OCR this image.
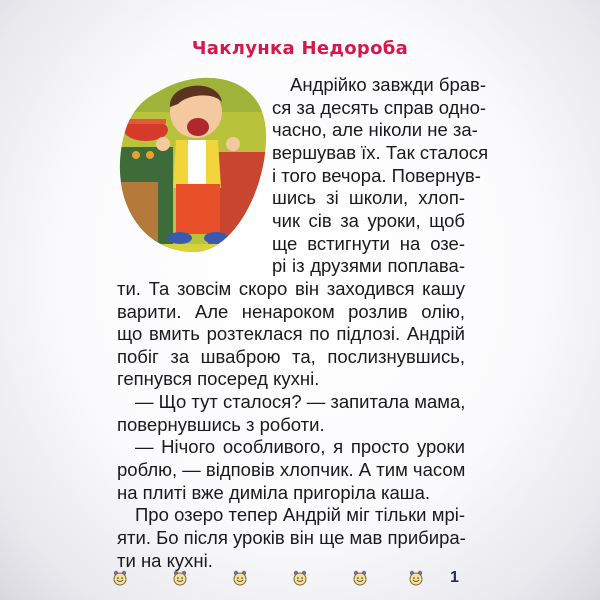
Чаклунка Недороба
Андрійко завжди брав-
ся за десять справ одно-
часно, але ніколи не за-
вершував їх. Так сталося
і того вечора. Повернув-
шись зі школи, хлоп-
чик сів за уроки, щоб
ще встигнути на озе-
рі із друзями поплава-
ти. Та зовсім скоро він заходився кашу
варити. Але ненароком розлив олію,
що вмить розтеклася по підлозі. Андрій
побіг за шваброю та, послизнувшись,
гепнувся посеред кухні.
— Що тут сталося? — запитала мама,
повернувшись з роботи.
— Нічого особливого, я просто уроки
роблю, — відповів хлопчик. А тим часом
на плиті вже диміла пригоріла каша.
Про озеро тепер Андрій міг тільки мрі-
яти. Бо після уроків він ще мав прибира-
ти на кухні.
1
